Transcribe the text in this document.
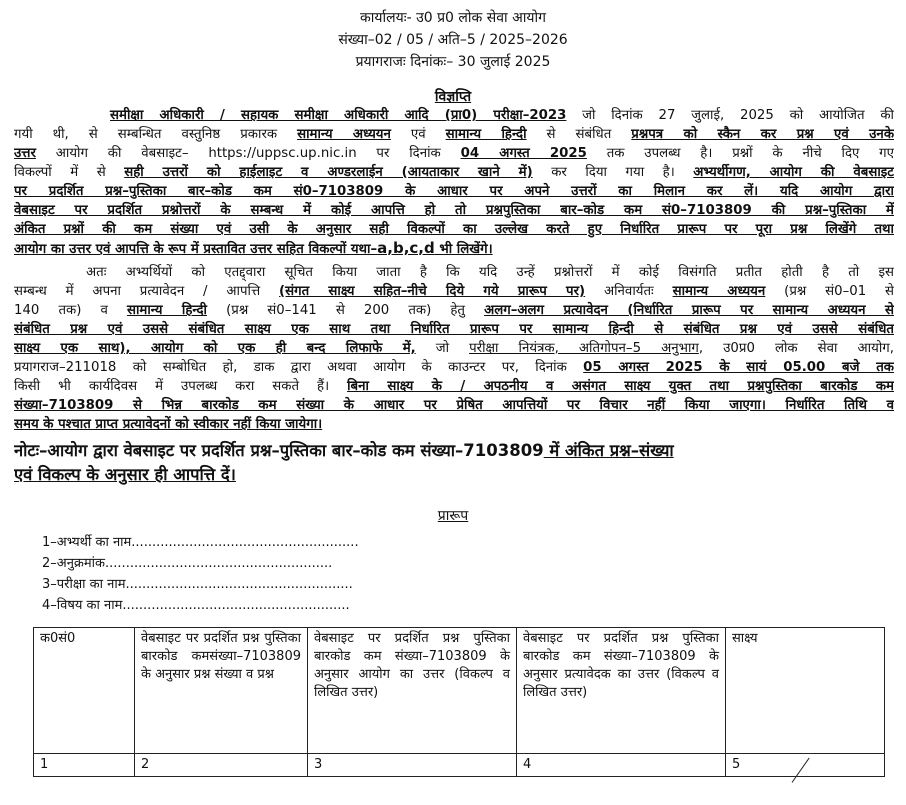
कार्यालयः- उ0 प्र0 लोक सेवा आयोग
संख्या–02 / 05 / अति–5 / 2025–2026
प्रयागराजः दिनांकः– 30 जुलाई 2025
विज्ञप्ति
समीक्षा अधिकारी / सहायक समीक्षा अधिकारी आदि (प्रा0) परीक्षा–2023 जो दिनांक 27 जुलाई, 2025 को आयोजित की
गयी थी, से सम्बन्धित वस्तुनिष्ठ प्रकारक सामान्य अध्ययन एवं सामान्य हिन्दी से संबंधित प्रश्नपत्र को स्कैन कर प्रश्न एवं उनके
उत्तर आयोग की वेबसाइट– https://uppsc.up.nic.in पर दिनांक 04 अगस्त 2025 तक उपलब्ध है। प्रश्नों के नीचे दिए गए
विकल्पों में से सही उत्तरों को हाईलाइट व अण्डरलाईन (आयताकार खाने में) कर दिया गया है। अभ्यर्थीगण, आयोग की वेबसाइट
पर प्रदर्शित प्रश्न–पुस्तिका बार–कोड कम सं0–7103809 के आधार पर अपने उत्तरों का मिलान कर लें। यदि आयोग द्वारा
वेबसाइट पर प्रदर्शित प्रश्नोत्तरों के सम्बन्ध में कोई आपत्ति हो तो प्रश्नपुस्तिका बार–कोड कम सं0–7103809 की प्रश्न–पुस्तिका में
अंकित प्रश्नों की कम संख्या एवं उसी के अनुसार सही विकल्पों का उल्लेख करते हुए निर्धारित प्रारूप पर पूरा प्रश्न लिखेंगे तथा
आयोग का उत्तर एवं आपत्ति के रूप में प्रस्तावित उत्तर सहित विकल्पों यथा–a,b,c,d भी लिखेंगे।
अतः अभ्यर्थियों को एतद्द्वारा सूचित किया जाता है कि यदि उन्हें प्रश्नोत्तरों में कोई विसंगति प्रतीत होती है तो इस
सम्बन्ध में अपना प्रत्यावेदन / आपत्ति (संगत साक्ष्य सहित–नीचे दिये गये प्रारूप पर) अनिवार्यतः सामान्य अध्ययन (प्रश्न सं0–01 से
140 तक) व सामान्य हिन्दी (प्रश्न सं0–141 से 200 तक) हेतु अलग–अलग प्रत्यावेदन (निर्धारित प्रारूप पर सामान्य अध्ययन से
संबंधित प्रश्न एवं उससे संबंधित साक्ष्य एक साथ तथा निर्धारित प्रारूप पर सामान्य हिन्दी से संबंधित प्रश्न एवं उससे संबंधित
साक्ष्य एक साथ), आयोग को एक ही बन्द लिफाफे में, जो परीक्षा नियंत्रक, अतिगोपन–5 अनुभाग, उ0प्र0 लोक सेवा आयोग,
प्रयागराज–211018 को सम्बोधित हो, डाक द्वारा अथवा आयोग के काउन्टर पर, दिनांक 05 अगस्त 2025 के सायं 05.00 बजे तक
किसी भी कार्यदिवस में उपलब्ध करा सकते हैं। बिना साक्ष्य के / अपठनीय व असंगत साक्ष्य युक्त तथा प्रश्नपुस्तिका बारकोड कम
संख्या–7103809 से भिन्न बारकोड कम संख्या के आधार पर प्रेषित आपत्तियों पर विचार नहीं किया जाएगा। निर्धारित तिथि व
समय के पश्चात प्राप्त प्रत्यावेदनों को स्वीकार नहीं किया जायेगा।
नोटः–आयोग द्वारा वेबसाइट पर प्रदर्शित प्रश्न–पुस्तिका बार–कोड कम संख्या–7103809 में अंकित प्रश्न–संख्या
एवं विकल्प के अनुसार ही आपत्ति दें।
प्रारूप
1–अभ्यर्थी का नाम.......................................................
2–अनुक्रमांक.......................................................
3–परीक्षा का नाम.......................................................
4–विषय का नाम.......................................................
क0सं0	वेबसाइट पर प्रदर्शित प्रश्न पुस्तिका बारकोड कमसंख्या–7103809 के अनुसार प्रश्न संख्या व प्रश्न	वेबसाइट पर प्रदर्शित प्रश्न पुस्तिका बारकोड कम संख्या–7103809 के अनुसार आयोग का उत्तर (विकल्प व लिखित उत्तर)	वेबसाइट पर प्रदर्शित प्रश्न पुस्तिका बारकोड कम संख्या–7103809 के अनुसार प्रत्यावेदक का उत्तर (विकल्प व लिखित उत्तर)	साक्ष्य
1	2	3	4	5
